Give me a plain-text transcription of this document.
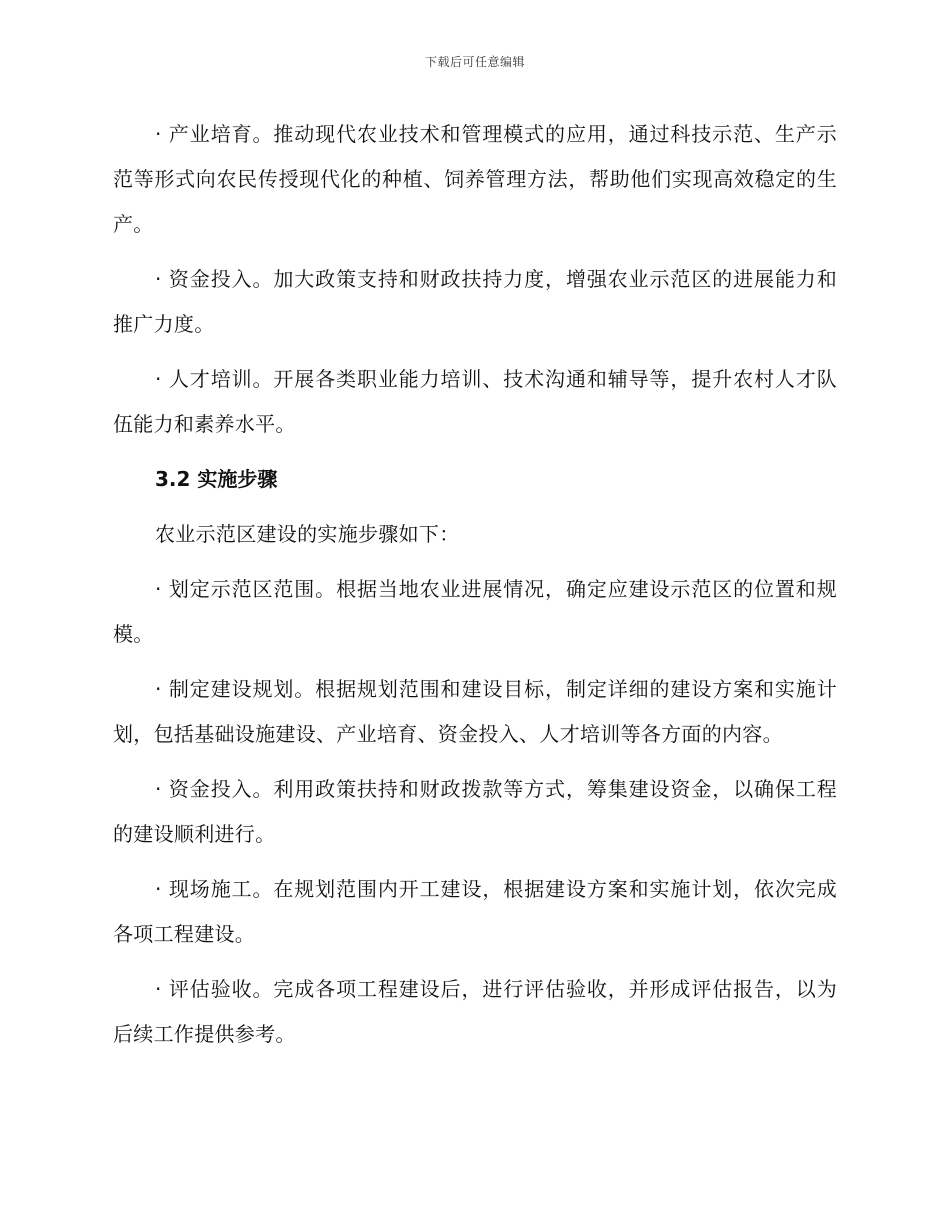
下载后可任意编辑

· 产业培育。推动现代农业技术和管理模式的应用，通过科技示范、生产示范等形式向农民传授现代化的种植、饲养管理方法，帮助他们实现高效稳定的生产。

· 资金投入。加大政策支持和财政扶持力度，增强农业示范区的进展能力和推广力度。

· 人才培训。开展各类职业能力培训、技术沟通和辅导等，提升农村人才队伍能力和素养水平。

3.2 实施步骤

农业示范区建设的实施步骤如下：

· 划定示范区范围。根据当地农业进展情况，确定应建设示范区的位置和规模。

· 制定建设规划。根据规划范围和建设目标，制定详细的建设方案和实施计划，包括基础设施建设、产业培育、资金投入、人才培训等各方面的内容。

· 资金投入。利用政策扶持和财政拨款等方式，筹集建设资金，以确保工程的建设顺利进行。

· 现场施工。在规划范围内开工建设，根据建设方案和实施计划，依次完成各项工程建设。

· 评估验收。完成各项工程建设后，进行评估验收，并形成评估报告，以为后续工作提供参考。
